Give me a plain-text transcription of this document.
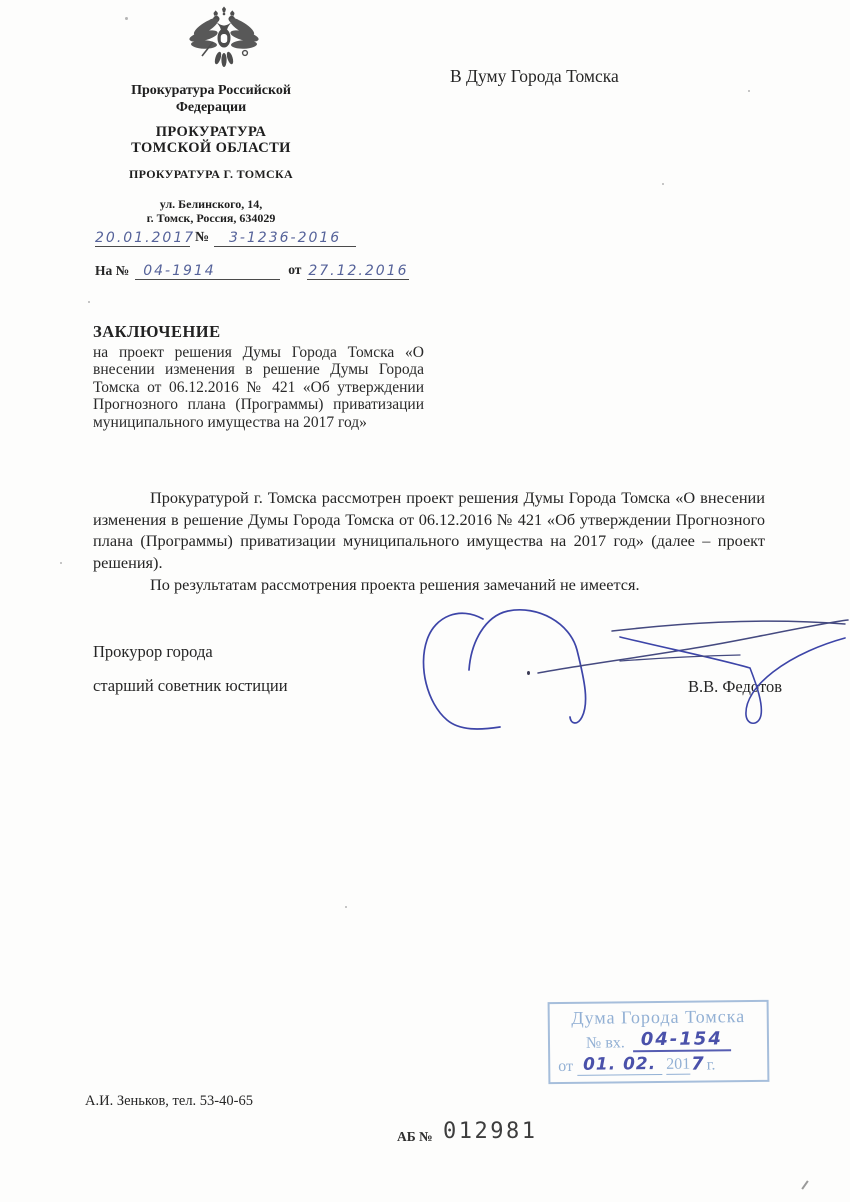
Прокуратура Российской
Федерации
ПРОКУРАТУРА
ТОМСКОЙ ОБЛАСТИ
ПРОКУРАТУРА Г. ТОМСКА
ул. Белинского, 14,
г. Томск, Россия, 634029
20.01.2017 №	3-1236-2016
На №	04-1914	от 27.12.2016
В Думу Города Томска
ЗАКЛЮЧЕНИЕ

на проект решения Думы Города Томска «О внесении изменения в решение Думы Города Томска от 06.12.2016 № 421 «Об утверждении Прогнозного плана (Программы) приватизации муниципального имущества на 2017 год»

Прокуратурой г. Томска рассмотрен проект решения Думы Города Томска «О внесении изменения в решение Думы Города Томска от 06.12.2016 № 421 «Об утверждении Прогнозного плана (Программы) приватизации муниципального имущества на 2017 год» (далее – проект решения).

По результатам рассмотрения проекта решения замечаний не имеется.

Прокурор города
старший советник юстиции	В.В. Федотов
Дума Города Томска
№ вх. 04-154
от 01. 02. 201 7 г.
А.И. Зеньков, тел. 53-40-65
АБ № 012981
